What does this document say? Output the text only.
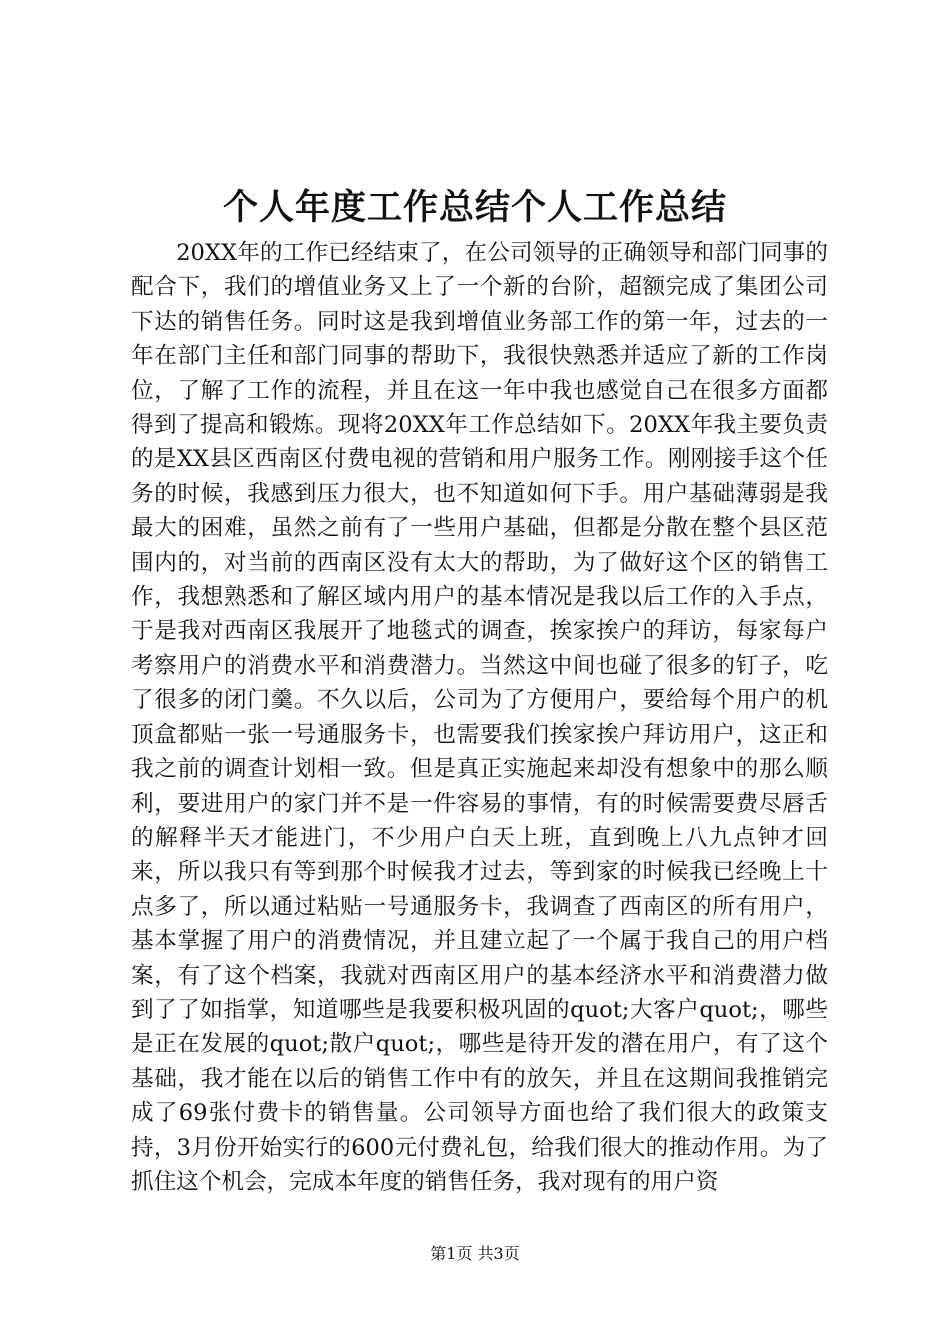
个人年度工作总结个人工作总结

20XX年的工作已经结束了，在公司领导的正确领导和部门同事的配合下，我们的增值业务又上了一个新的台阶，超额完成了集团公司下达的销售任务。同时这是我到增值业务部工作的第一年，过去的一年在部门主任和部门同事的帮助下，我很快熟悉并适应了新的工作岗位，了解了工作的流程，并且在这一年中我也感觉自己在很多方面都得到了提高和锻炼。现将20XX年工作总结如下。20XX年我主要负责的是XX县区西南区付费电视的营销和用户服务工作。刚刚接手这个任务的时候，我感到压力很大，也不知道如何下手。用户基础薄弱是我最大的困难，虽然之前有了一些用户基础，但都是分散在整个县区范围内的，对当前的西南区没有太大的帮助，为了做好这个区的销售工作，我想熟悉和了解区域内用户的基本情况是我以后工作的入手点，于是我对西南区我展开了地毯式的调查，挨家挨户的拜访，每家每户考察用户的消费水平和消费潜力。当然这中间也碰了很多的钉子，吃了很多的闭门羹。不久以后，公司为了方便用户，要给每个用户的机顶盒都贴一张一号通服务卡，也需要我们挨家挨户拜访用户，这正和我之前的调查计划相一致。但是真正实施起来却没有想象中的那么顺利，要进用户的家门并不是一件容易的事情，有的时候需要费尽唇舌的解释半天才能进门，不少用户白天上班，直到晚上八九点钟才回来，所以我只有等到那个时候我才过去，等到家的时候我已经晚上十点多了，所以通过粘贴一号通服务卡，我调查了西南区的所有用户，基本掌握了用户的消费情况，并且建立起了一个属于我自己的用户档案，有了这个档案，我就对西南区用户的基本经济水平和消费潜力做到了了如指掌，知道哪些是我要积极巩固的quot;大客户quot;，哪些是正在发展的quot;散户quot;，哪些是待开发的潜在用户，有了这个基础，我才能在以后的销售工作中有的放矢，并且在这期间我推销完成了69张付费卡的销售量。公司领导方面也给了我们很大的政策支持，3月份开始实行的600元付费礼包，给我们很大的推动作用。为了抓住这个机会，完成本年度的销售任务，我对现有的用户资

第1页 共3页
